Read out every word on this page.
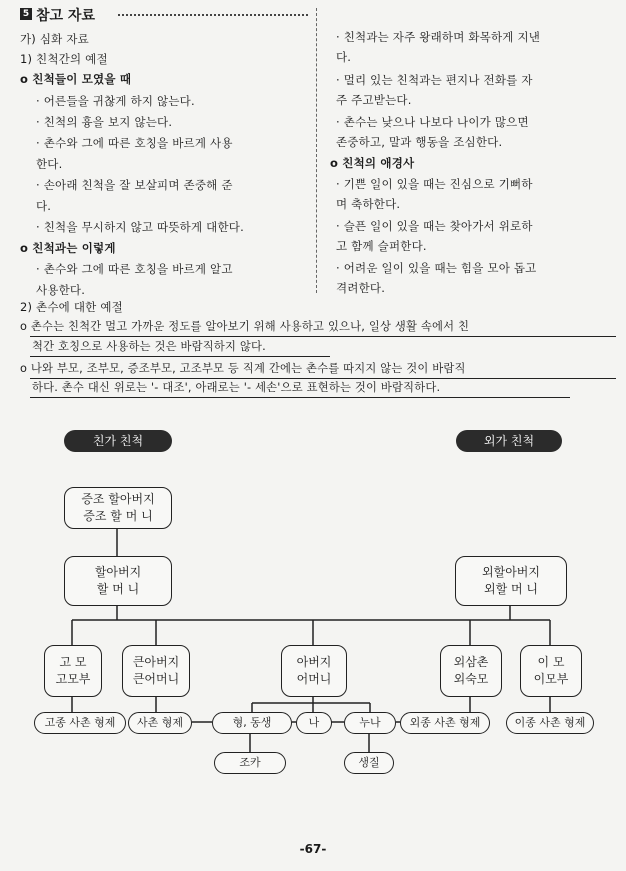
5 참고 자료
가) 심화 자료
1) 친척간의 예절
o 친척들이 모였을 때
· 어른들을 귀찮게 하지 않는다.
· 친척의 흉을 보지 않는다.
· 촌수와 그에 따른 호칭을 바르게 사용
한다.
· 손아래 친척을 잘 보살피며 존중해 준
다.
· 친척을 무시하지 않고 따뜻하게 대한다.
o 친척과는 이렇게
· 촌수와 그에 따른 호칭을 바르게 알고
사용한다.
· 친척과는 자주 왕래하며 화목하게 지낸
다.
· 멀리 있는 친척과는 편지나 전화를 자
주 주고받는다.
· 촌수는 낮으나 나보다 나이가 많으면
존중하고, 말과 행동을 조심한다.
o 친척의 애경사
· 기쁜 일이 있을 때는 진심으로 기뻐하
며 축하한다.
· 슬픈 일이 있을 때는 찾아가서 위로하
고 함께 슬퍼한다.
· 어려운 일이 있을 때는 힘을 모아 돕고
격려한다.
2) 촌수에 대한 예절
o 촌수는 친척간 멀고 가까운 정도를 알아보기 위해 사용하고 있으나, 일상 생활 속에서 친
척간 호칭으로 사용하는 것은 바람직하지 않다.
o 나와 부모, 조부모, 증조부모, 고조부모 등 직계 간에는 촌수를 따지지 않는 것이 바람직
하다. 촌수 대신 위로는 '- 대조', 아래로는 '- 세손'으로 표현하는 것이 바람직하다.
친가 친척	외가 친척
증조 할아버지
증조 할 머 니
할아버지
할 머 니
외할아버지
외할 머 니
고 모
고모부
큰아버지
큰어머니
아버지
어머니
외삼촌
외숙모
이 모
이모부
고종 사촌 형제	사촌 형제	형, 동생	나	누나	외종 사촌 형제	이종 사촌 형제
조카	생질
-67-
